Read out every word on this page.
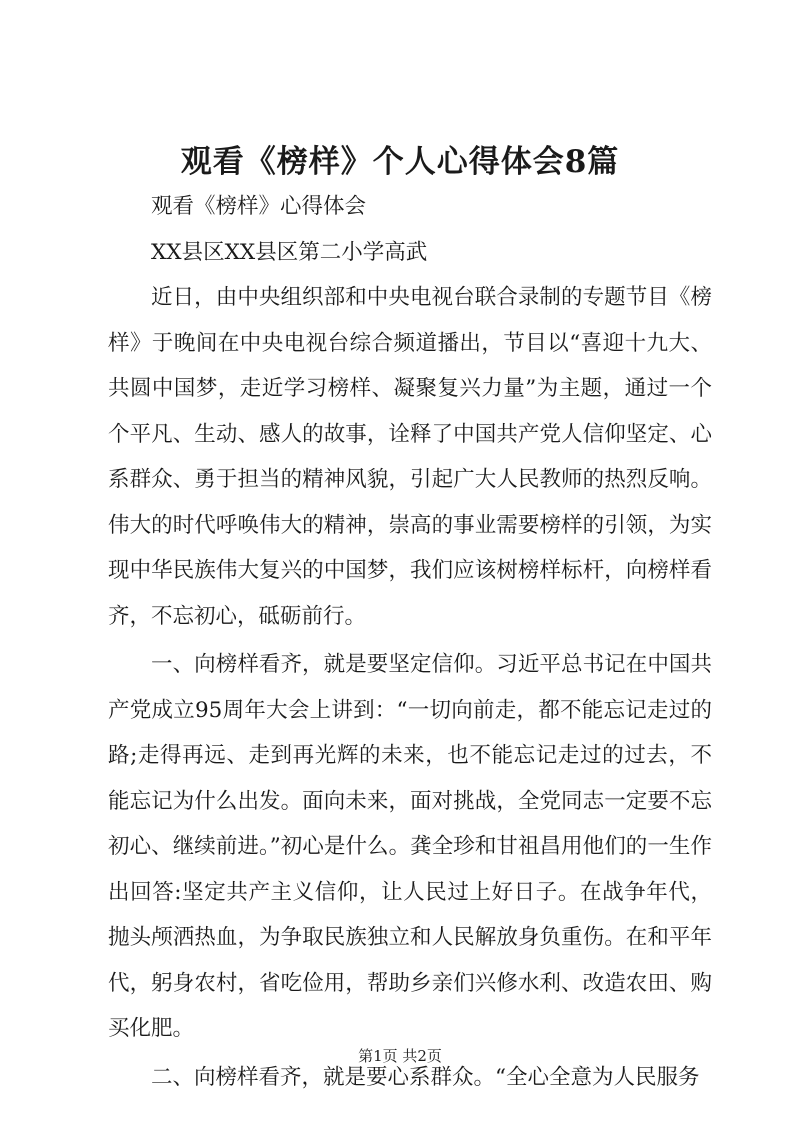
观看《榜样》个人心得体会8篇

观看《榜样》心得体会

XX县区XX县区第二小学高武

近日，由中央组织部和中央电视台联合录制的专题节目《榜样》于晚间在中央电视台综合频道播出，节目以“喜迎十九大、共圆中国梦，走近学习榜样、凝聚复兴力量”为主题，通过一个个平凡、生动、感人的故事，诠释了中国共产党人信仰坚定、心系群众、勇于担当的精神风貌，引起广大人民教师的热烈反响。伟大的时代呼唤伟大的精神，崇高的事业需要榜样的引领，为实现中华民族伟大复兴的中国梦，我们应该树榜样标杆，向榜样看齐，不忘初心，砥砺前行。

一、向榜样看齐，就是要坚定信仰。习近平总书记在中国共产党成立95周年大会上讲到：“一切向前走，都不能忘记走过的路;走得再远、走到再光辉的未来，也不能忘记走过的过去，不能忘记为什么出发。面向未来，面对挑战，全党同志一定要不忘初心、继续前进。”初心是什么。龚全珍和甘祖昌用他们的一生作出回答:坚定共产主义信仰，让人民过上好日子。在战争年代，抛头颅洒热血，为争取民族独立和人民解放身负重伤。在和平年代，躬身农村，省吃俭用，帮助乡亲们兴修水利、改造农田、购买化肥。

二、向榜样看齐，就是要心系群众。“全心全意为人民服务

第1页 共2页
